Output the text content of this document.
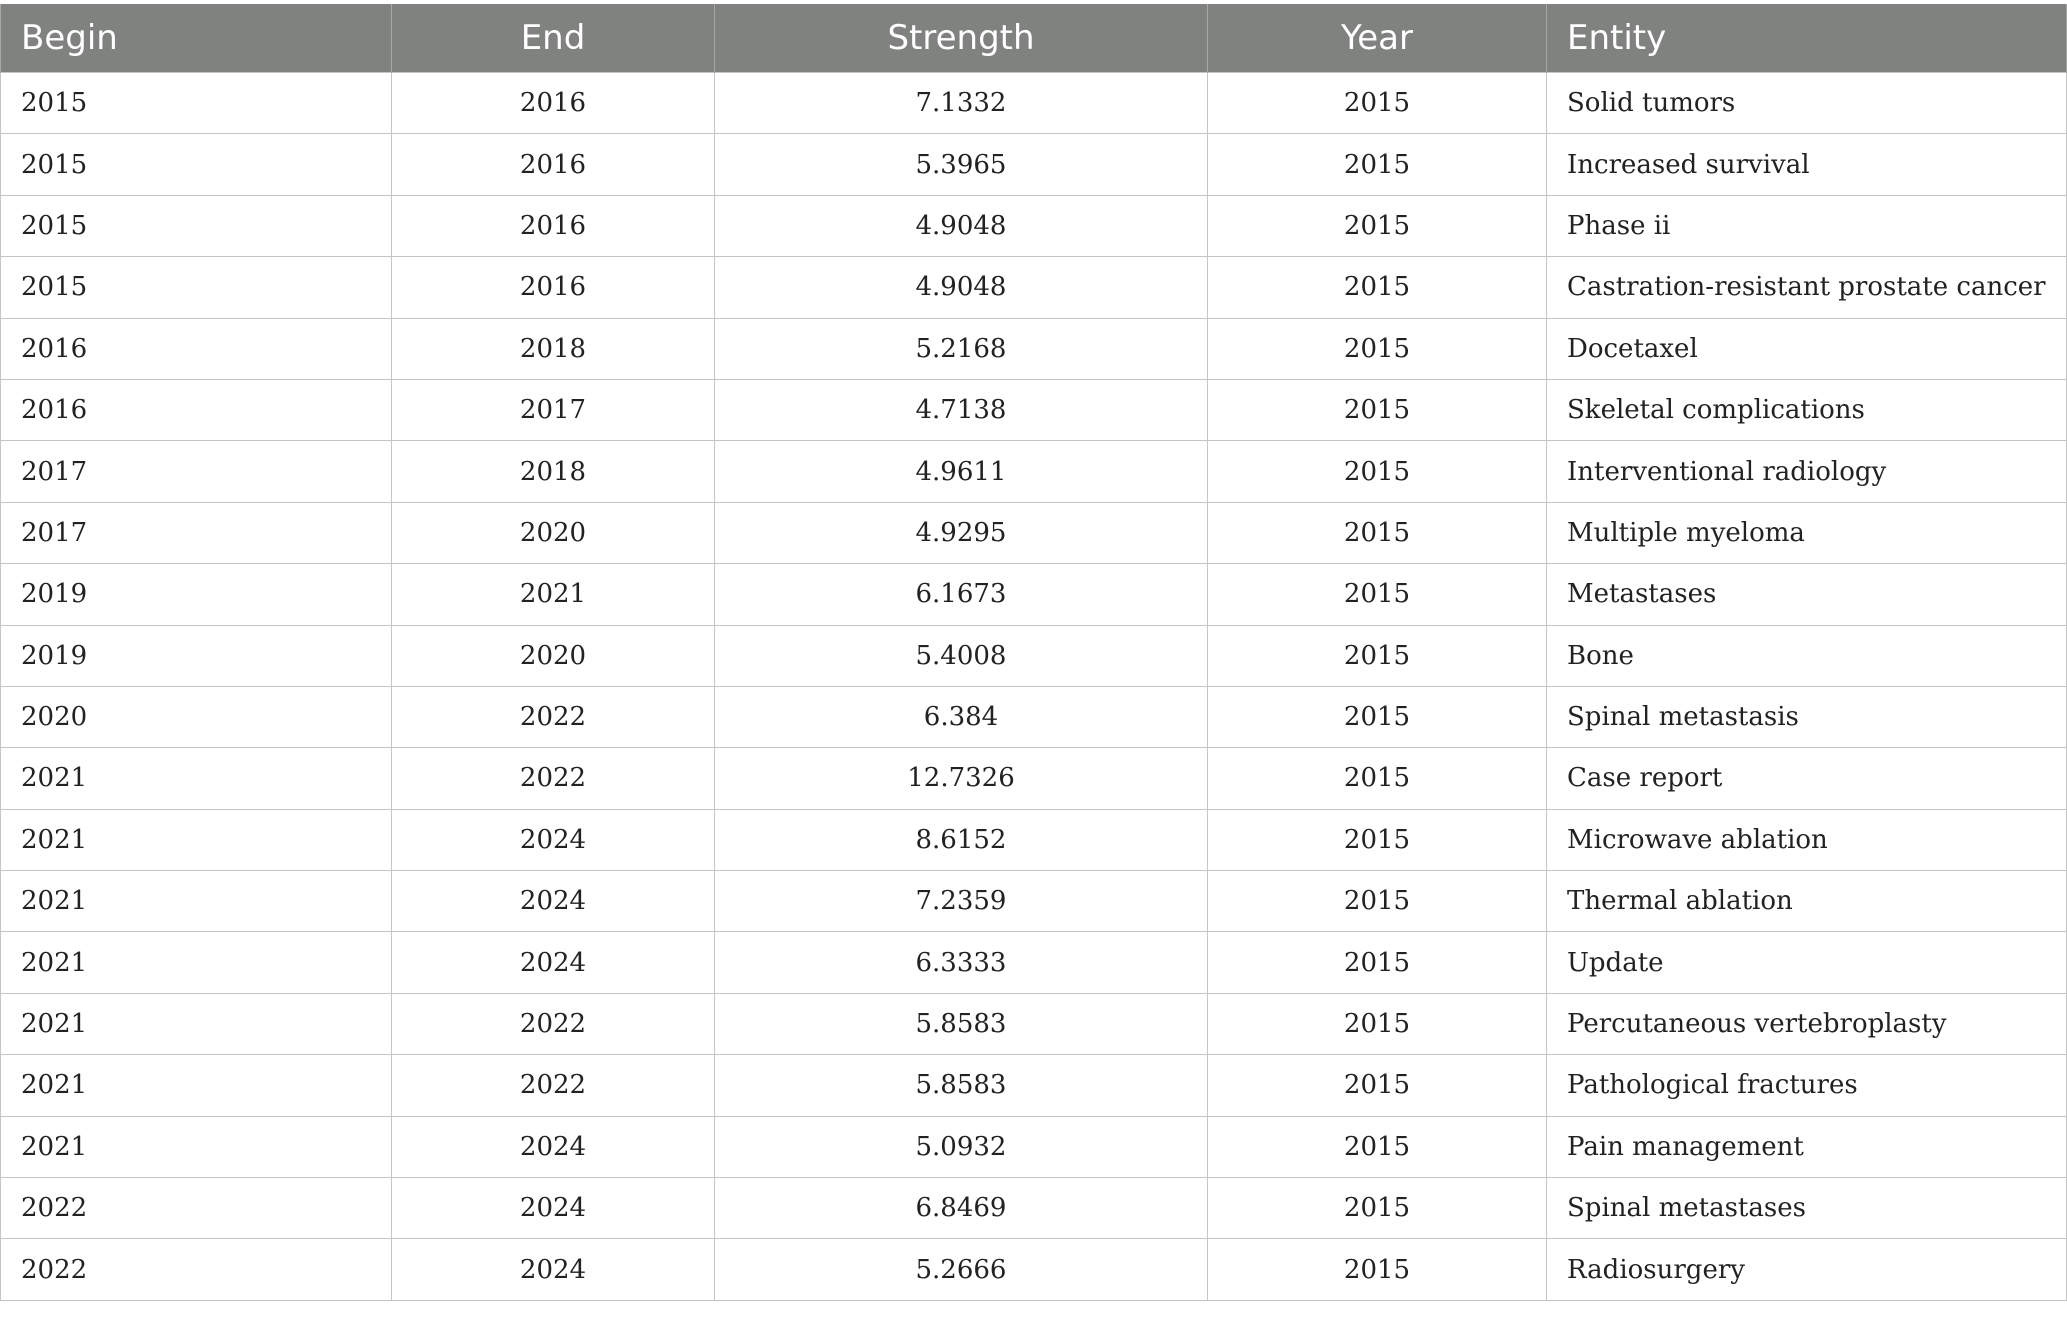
Begin	End	Strength	Year	Entity
2015	2016	7.1332	2015	Solid tumors
2015	2016	5.3965	2015	Increased survival
2015	2016	4.9048	2015	Phase ii
2015	2016	4.9048	2015	Castration-resistant prostate cancer
2016	2018	5.2168	2015	Docetaxel
2016	2017	4.7138	2015	Skeletal complications
2017	2018	4.9611	2015	Interventional radiology
2017	2020	4.9295	2015	Multiple myeloma
2019	2021	6.1673	2015	Metastases
2019	2020	5.4008	2015	Bone
2020	2022	6.384	2015	Spinal metastasis
2021	2022	12.7326	2015	Case report
2021	2024	8.6152	2015	Microwave ablation
2021	2024	7.2359	2015	Thermal ablation
2021	2024	6.3333	2015	Update
2021	2022	5.8583	2015	Percutaneous vertebroplasty
2021	2022	5.8583	2015	Pathological fractures
2021	2024	5.0932	2015	Pain management
2022	2024	6.8469	2015	Spinal metastases
2022	2024	5.2666	2015	Radiosurgery
